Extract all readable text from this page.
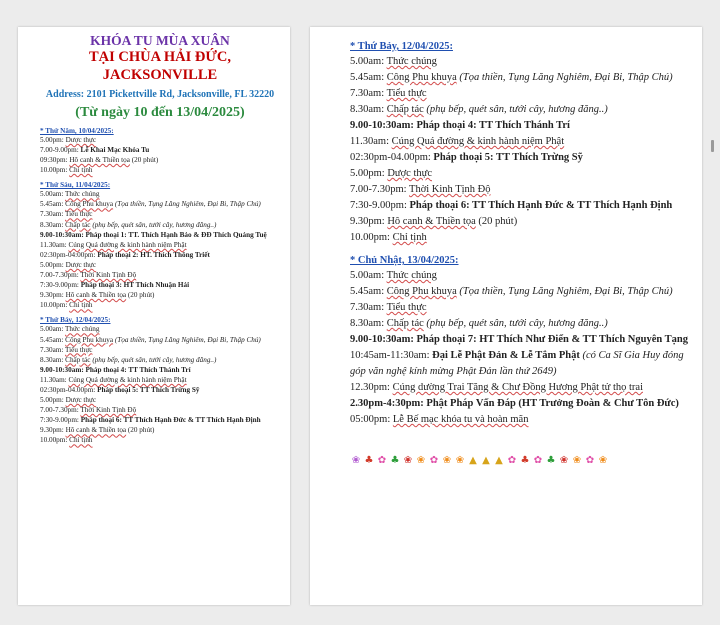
KHÓA TU MÙA XUÂN
TẠI CHÙA HẢI ĐỨC,
JACKSONVILLE
Address: 2101 Pickettville Rd, Jacksonville, FL 32220
(Từ ngày 10 đến 13/04/2025)
* Thứ Năm, 10/04/2025:
5.00pm: Dược thực
7.00-9.00pm: Lễ Khai Mạc Khóa Tu
09:30pm: Hô canh & Thiền tọa (20 phút)
10.00pm: Chỉ tịnh
* Thứ Sáu, 11/04/2025:
5.00am: Thức chúng
5.45am: Công Phu khuya (Tọa thiền, Tụng Lăng Nghiêm, Đại Bi, Thập Chú)
7.30am: Tiểu thực
8.30am: Chấp tác (phụ bếp, quét sân, tưới cây, hương đăng..)
9.00-10:30am: Pháp thoại 1: TT. Thích Hạnh Bảo & ĐĐ Thích Quảng Tuệ
11.30am: Cúng Quá đường & kinh hành niệm Phật
02:30pm-04:00pm: Pháp thoại 2: HT. Thích Thông Triết
5.00pm: Dược thực
7.00-7.30pm: Thời Kinh Tịnh Độ
7:30-9.00pm: Pháp thoại 3: HT Thích Nhuận Hải
9.30pm: Hô canh & Thiền tọa (20 phút)
10.00pm: Chỉ tịnh
* Thứ Bảy, 12/04/2025:
5.00am: Thức chúng
5.45am: Công Phu khuya (Tọa thiền, Tụng Lăng Nghiêm, Đại Bi, Thập Chú)
7.30am: Tiểu thực
8.30am: Chấp tác (phụ bếp, quét sân, tưới cây, hương đăng..)
9.00-10:30am: Pháp thoại 4: TT Thích Thánh Trí
11.30am: Cúng Quá đường & kinh hành niệm Phật
02:30pm-04.00pm: Pháp thoại 5: TT Thích Trừng Sỹ
5.00pm: Dược thực
7.00-7.30pm: Thời Kinh Tịnh Độ
7:30-9.00pm: Pháp thoại 6: TT Thích Hạnh Đức & TT Thích Hạnh Định
9.30pm: Hô canh & Thiền tọa (20 phút)
10.00pm: Chỉ tịnh
* Thứ Bảy, 12/04/2025:
5.00am: Thức chúng
5.45am: Công Phu khuya (Tọa thiền, Tụng Lăng Nghiêm, Đại Bi, Thập Chú)
7.30am: Tiểu thực
8.30am: Chấp tác (phụ bếp, quét sân, tưới cây, hương đăng..)
9.00-10:30am: Pháp thoại 4: TT Thích Thánh Trí
11.30am: Cúng Quá đường & kinh hành niệm Phật
02:30pm-04.00pm: Pháp thoại 5: TT Thích Trừng Sỹ
5.00pm: Dược thực
7.00-7.30pm: Thời Kinh Tịnh Độ
7:30-9.00pm: Pháp thoại 6: TT Thích Hạnh Đức & TT Thích Hạnh Định
9.30pm: Hô canh & Thiền tọa (20 phút)
10.00pm: Chỉ tịnh
* Chủ Nhật, 13/04/2025:
5.00am: Thức chúng
5.45am: Công Phu khuya (Tọa thiền, Tụng Lăng Nghiêm, Đại Bi, Thập Chú)
7.30am: Tiểu thực
8.30am: Chấp tác (phụ bếp, quét sân, tưới cây, hương đăng..)
9.00-10:30am: Pháp thoại 7: HT Thích Như Điển & TT Thích Nguyên Tạng
10:45am-11:30am: Đại Lễ Phật Đản & Lễ Tắm Phật (có Ca Sĩ Gia Huy đóng góp văn nghệ kính mừng Phật Đản lần thứ 2649)
12.30pm: Cúng dường Trai Tăng & Chư Đồng Hương Phật tử thọ trai
2.30pm-4:30pm: Phật Pháp Vấn Đáp (HT Trưởng Đoàn & Chư Tôn Đức)
05:00pm: Lễ Bế mạc khóa tu và hoàn mãn
❀ ♣ ✿ ♣ ❀ ❀ ✿ ❀ ❀ ▲ ▲ ▲ ✿ ♣ ✿ ♣ ❀ ❀ ✿ ❀
